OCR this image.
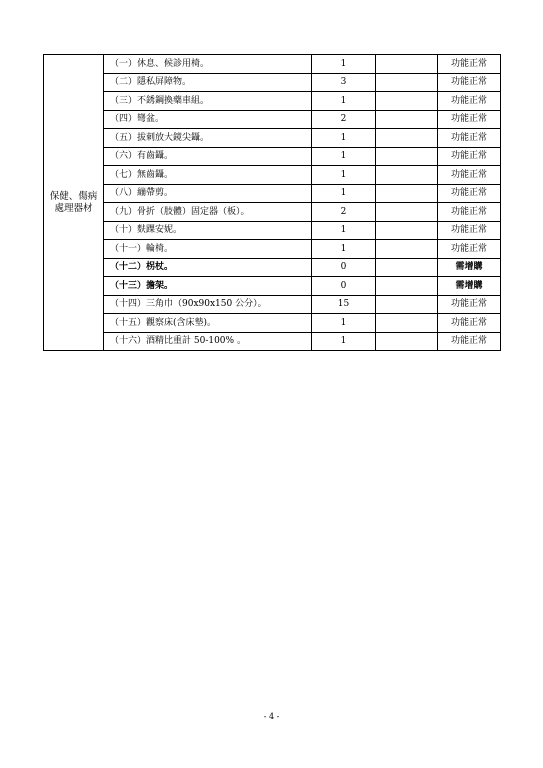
保健、傷病
處理器材	（一）休息、候診用椅。	1		功能正常
	（二）隱私屏障物。	3		功能正常
	（三）不銹鋼換藥車組。	1		功能正常
	（四）彎盆。	2		功能正常
	（五）拔刺放大鏡尖鑷。	1		功能正常
	（六）有齒鑷。	1		功能正常
	（七）無齒鑷。	1		功能正常
	（八）繃帶剪。	1		功能正常
	（九）骨折（肢體）固定器（板）。	2		功能正常
	（十）麩踝安妮。	1		功能正常
	（十一）輪椅。	1		功能正常
	（十二）柺杖。	0		需增購
	（十三）擔架。	0		需增購
	（十四）三角巾（90x90x150 公分）。	15		功能正常
	（十五）觀察床(含床墊)。	1		功能正常
	（十六）酒精比重計 50-100% 。	1		功能正常
- 4 -
